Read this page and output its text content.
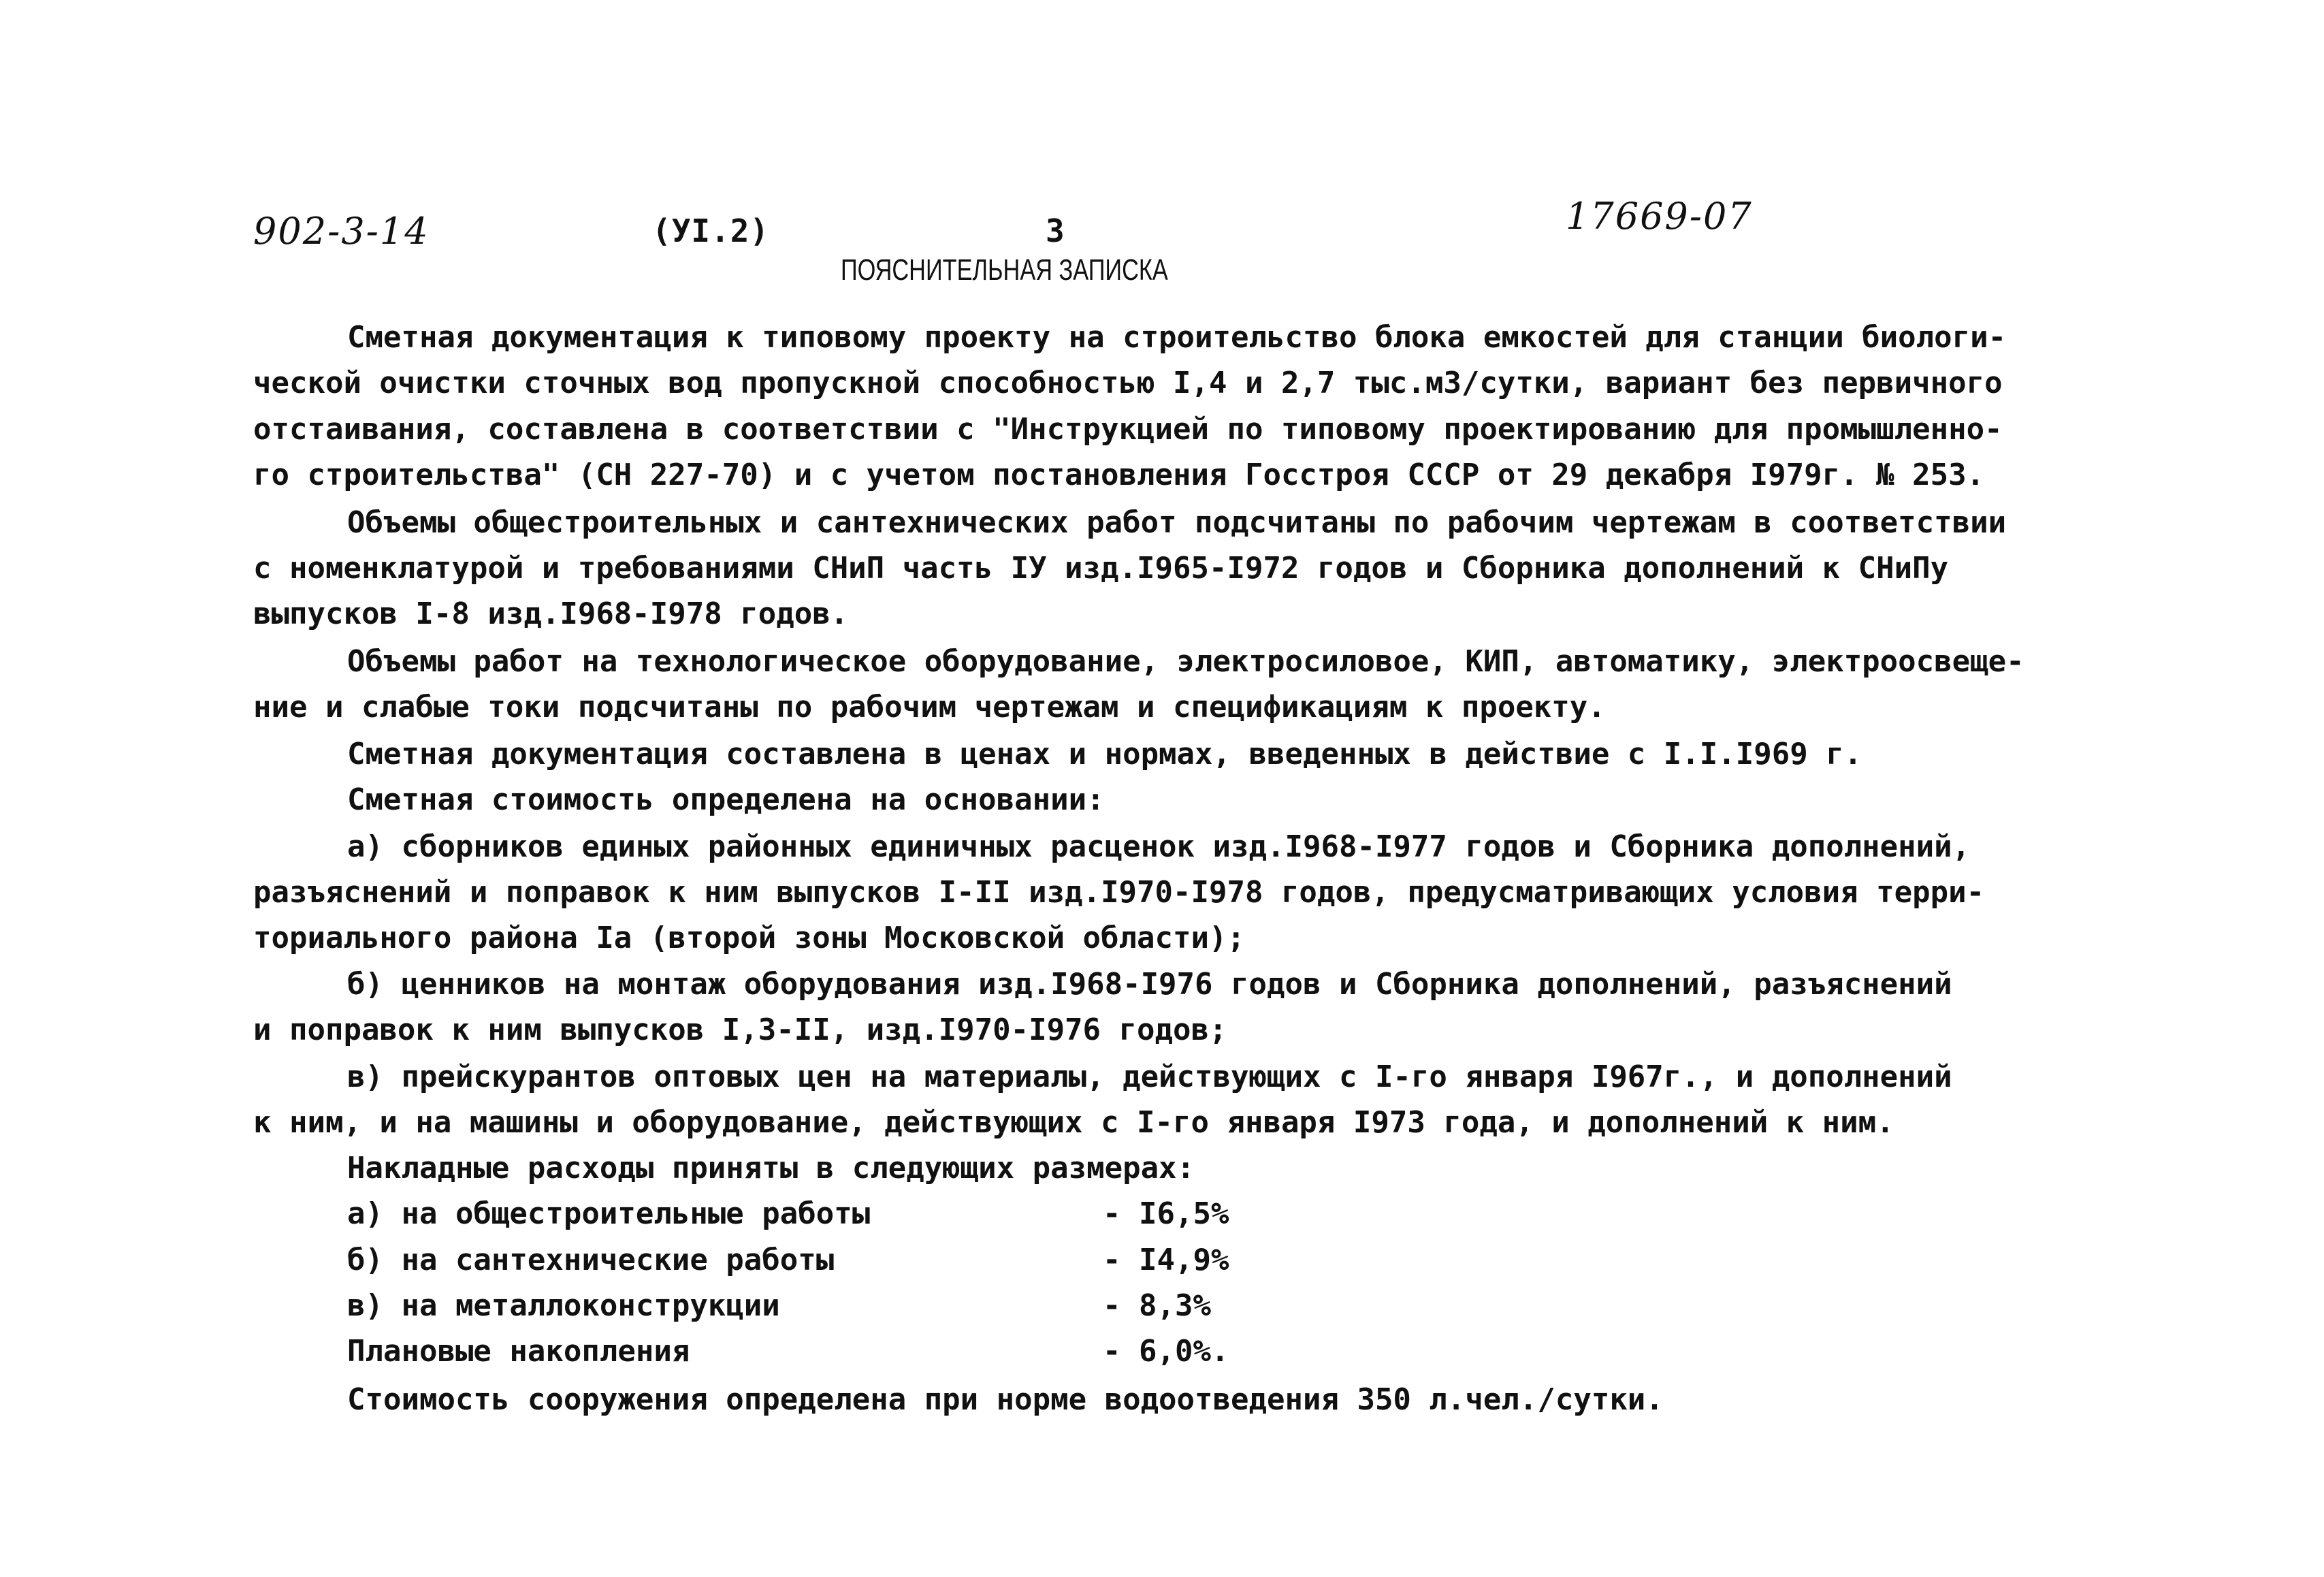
902-3-14	(УI.2)	3	17669-07
ПОЯСНИТЕЛЬНАЯ ЗАПИСКА
Сметная документация к типовому проекту на строительство блока емкостей для станции биологи-
ческой очистки сточных вод пропускной способностью I,4 и 2,7 тыс.м3/сутки, вариант без первичного
отстаивания, составлена в соответствии с "Инструкцией по типовому проектированию для промышленно-
го строительства" (СН 227-70) и с учетом постановления Госстроя СССР от 29 декабря I979г. № 253.
Объемы общестроительных и сантехнических работ подсчитаны по рабочим чертежам в соответствии
с номенклатурой и требованиями СНиП часть IУ изд.I965-I972 годов и Сборника дополнений к СНиПу
выпусков I-8 изд.I968-I978 годов.
Объемы работ на технологическое оборудование, электросиловое, КИП, автоматику, электроосвеще-
ние и слабые токи подсчитаны по рабочим чертежам и спецификациям к проекту.
Сметная документация составлена в ценах и нормах, введенных в действие с I.I.I969 г.
Сметная стоимость определена на основании:
а) сборников единых районных единичных расценок изд.I968-I977 годов и Сборника дополнений,
разъяснений и поправок к ним выпусков I-II изд.I970-I978 годов, предусматривающих условия терри-
ториального района Iа (второй зоны Московской области);
б) ценников на монтаж оборудования изд.I968-I976 годов и Сборника дополнений, разъяснений
и поправок к ним выпусков I,3-II, изд.I970-I976 годов;
в) прейскурантов оптовых цен на материалы, действующих с I-го января I967г., и дополнений
к ним, и на машины и оборудование, действующих с I-го января I973 года, и дополнений к ним.
Накладные расходы приняты в следующих размерах:
а) на общестроительные работы	- I6,5%
б) на сантехнические работы	- I4,9%
в) на металлоконструкции	- 8,3%
Плановые накопления	- 6,0%.
Стоимость сооружения определена при норме водоотведения 350 л.чел./сутки.
